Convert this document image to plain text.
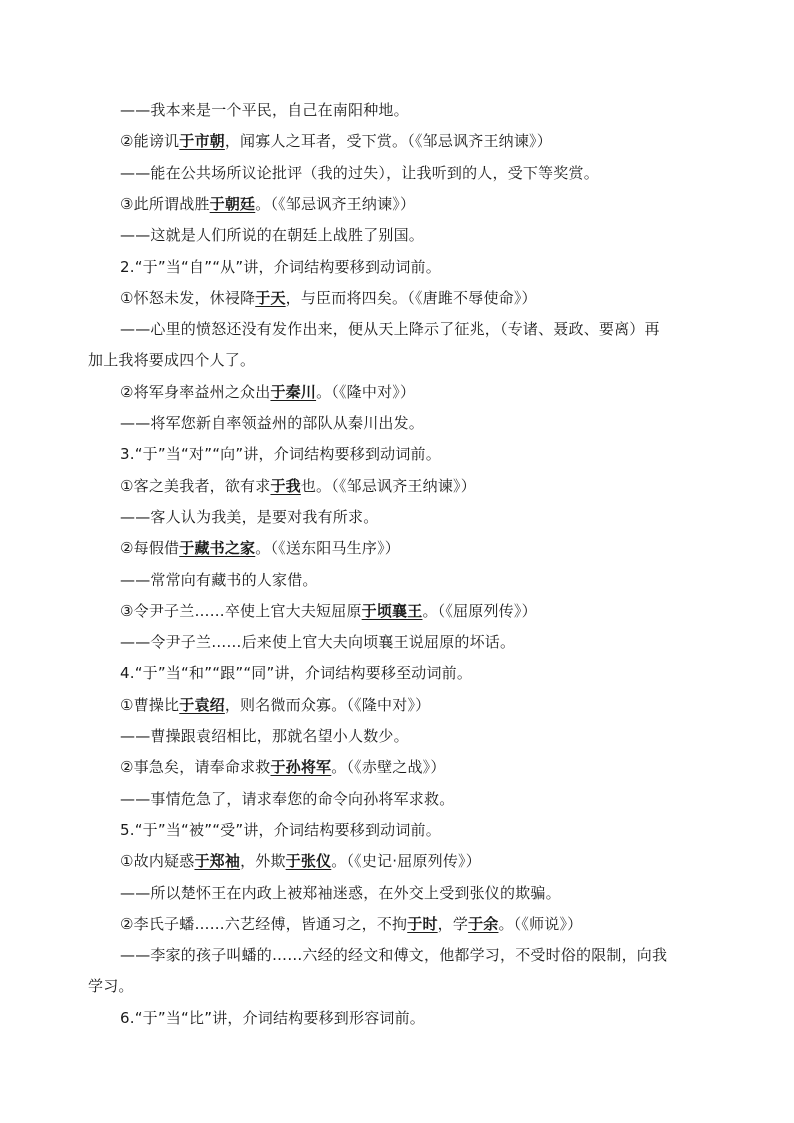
——我本来是一个平民，自己在南阳种地。
②能谤讥于市朝，闻寡人之耳者，受下赏。（《邹忌讽齐王纳谏》）
——能在公共场所议论批评（我的过失），让我听到的人，受下等奖赏。
③此所谓战胜于朝廷。（《邹忌讽齐王纳谏》）
——这就是人们所说的在朝廷上战胜了别国。
2.“于”当“自”“从”讲，介词结构要移到动词前。
①怀怒未发，休祲降于天，与臣而将四矣。（《唐雎不辱使命》）
——心里的愤怒还没有发作出来，便从天上降示了征兆，（专诸、聂政、要离）再
加上我将要成四个人了。
②将军身率益州之众出于秦川。（《隆中对》）
——将军您新自率领益州的部队从秦川出发。
3.“于”当“对”“向”讲，介词结构要移到动词前。
①客之美我者，欲有求于我也。（《邹忌讽齐王纳谏》）
——客人认为我美，是要对我有所求。
②每假借于藏书之家。（《送东阳马生序》）
——常常向有藏书的人家借。
③令尹子兰……卒使上官大夫短屈原于顷襄王。（《屈原列传》）
——令尹子兰……后来使上官大夫向顷襄王说屈原的坏话。
4.“于”当“和”“跟”“同”讲，介词结构要移至动词前。
①曹操比于袁绍，则名微而众寡。（《隆中对》）
——曹操跟袁绍相比，那就名望小人数少。
②事急矣，请奉命求救于孙将军。（《赤壁之战》）
——事情危急了，请求奉您的命令向孙将军求救。
5.“于”当“被”“受”讲，介词结构要移到动词前。
①故内疑惑于郑袖，外欺于张仪。（《史记·屈原列传》）
——所以楚怀王在内政上被郑袖迷惑，在外交上受到张仪的欺骗。
②李氏子蟠……六艺经傅，皆通习之，不拘于时，学于余。（《师说》）
——李家的孩子叫蟠的……六经的经文和傅文，他都学习，不受时俗的限制，向我
学习。
6.“于”当“比”讲，介词结构要移到形容词前。
